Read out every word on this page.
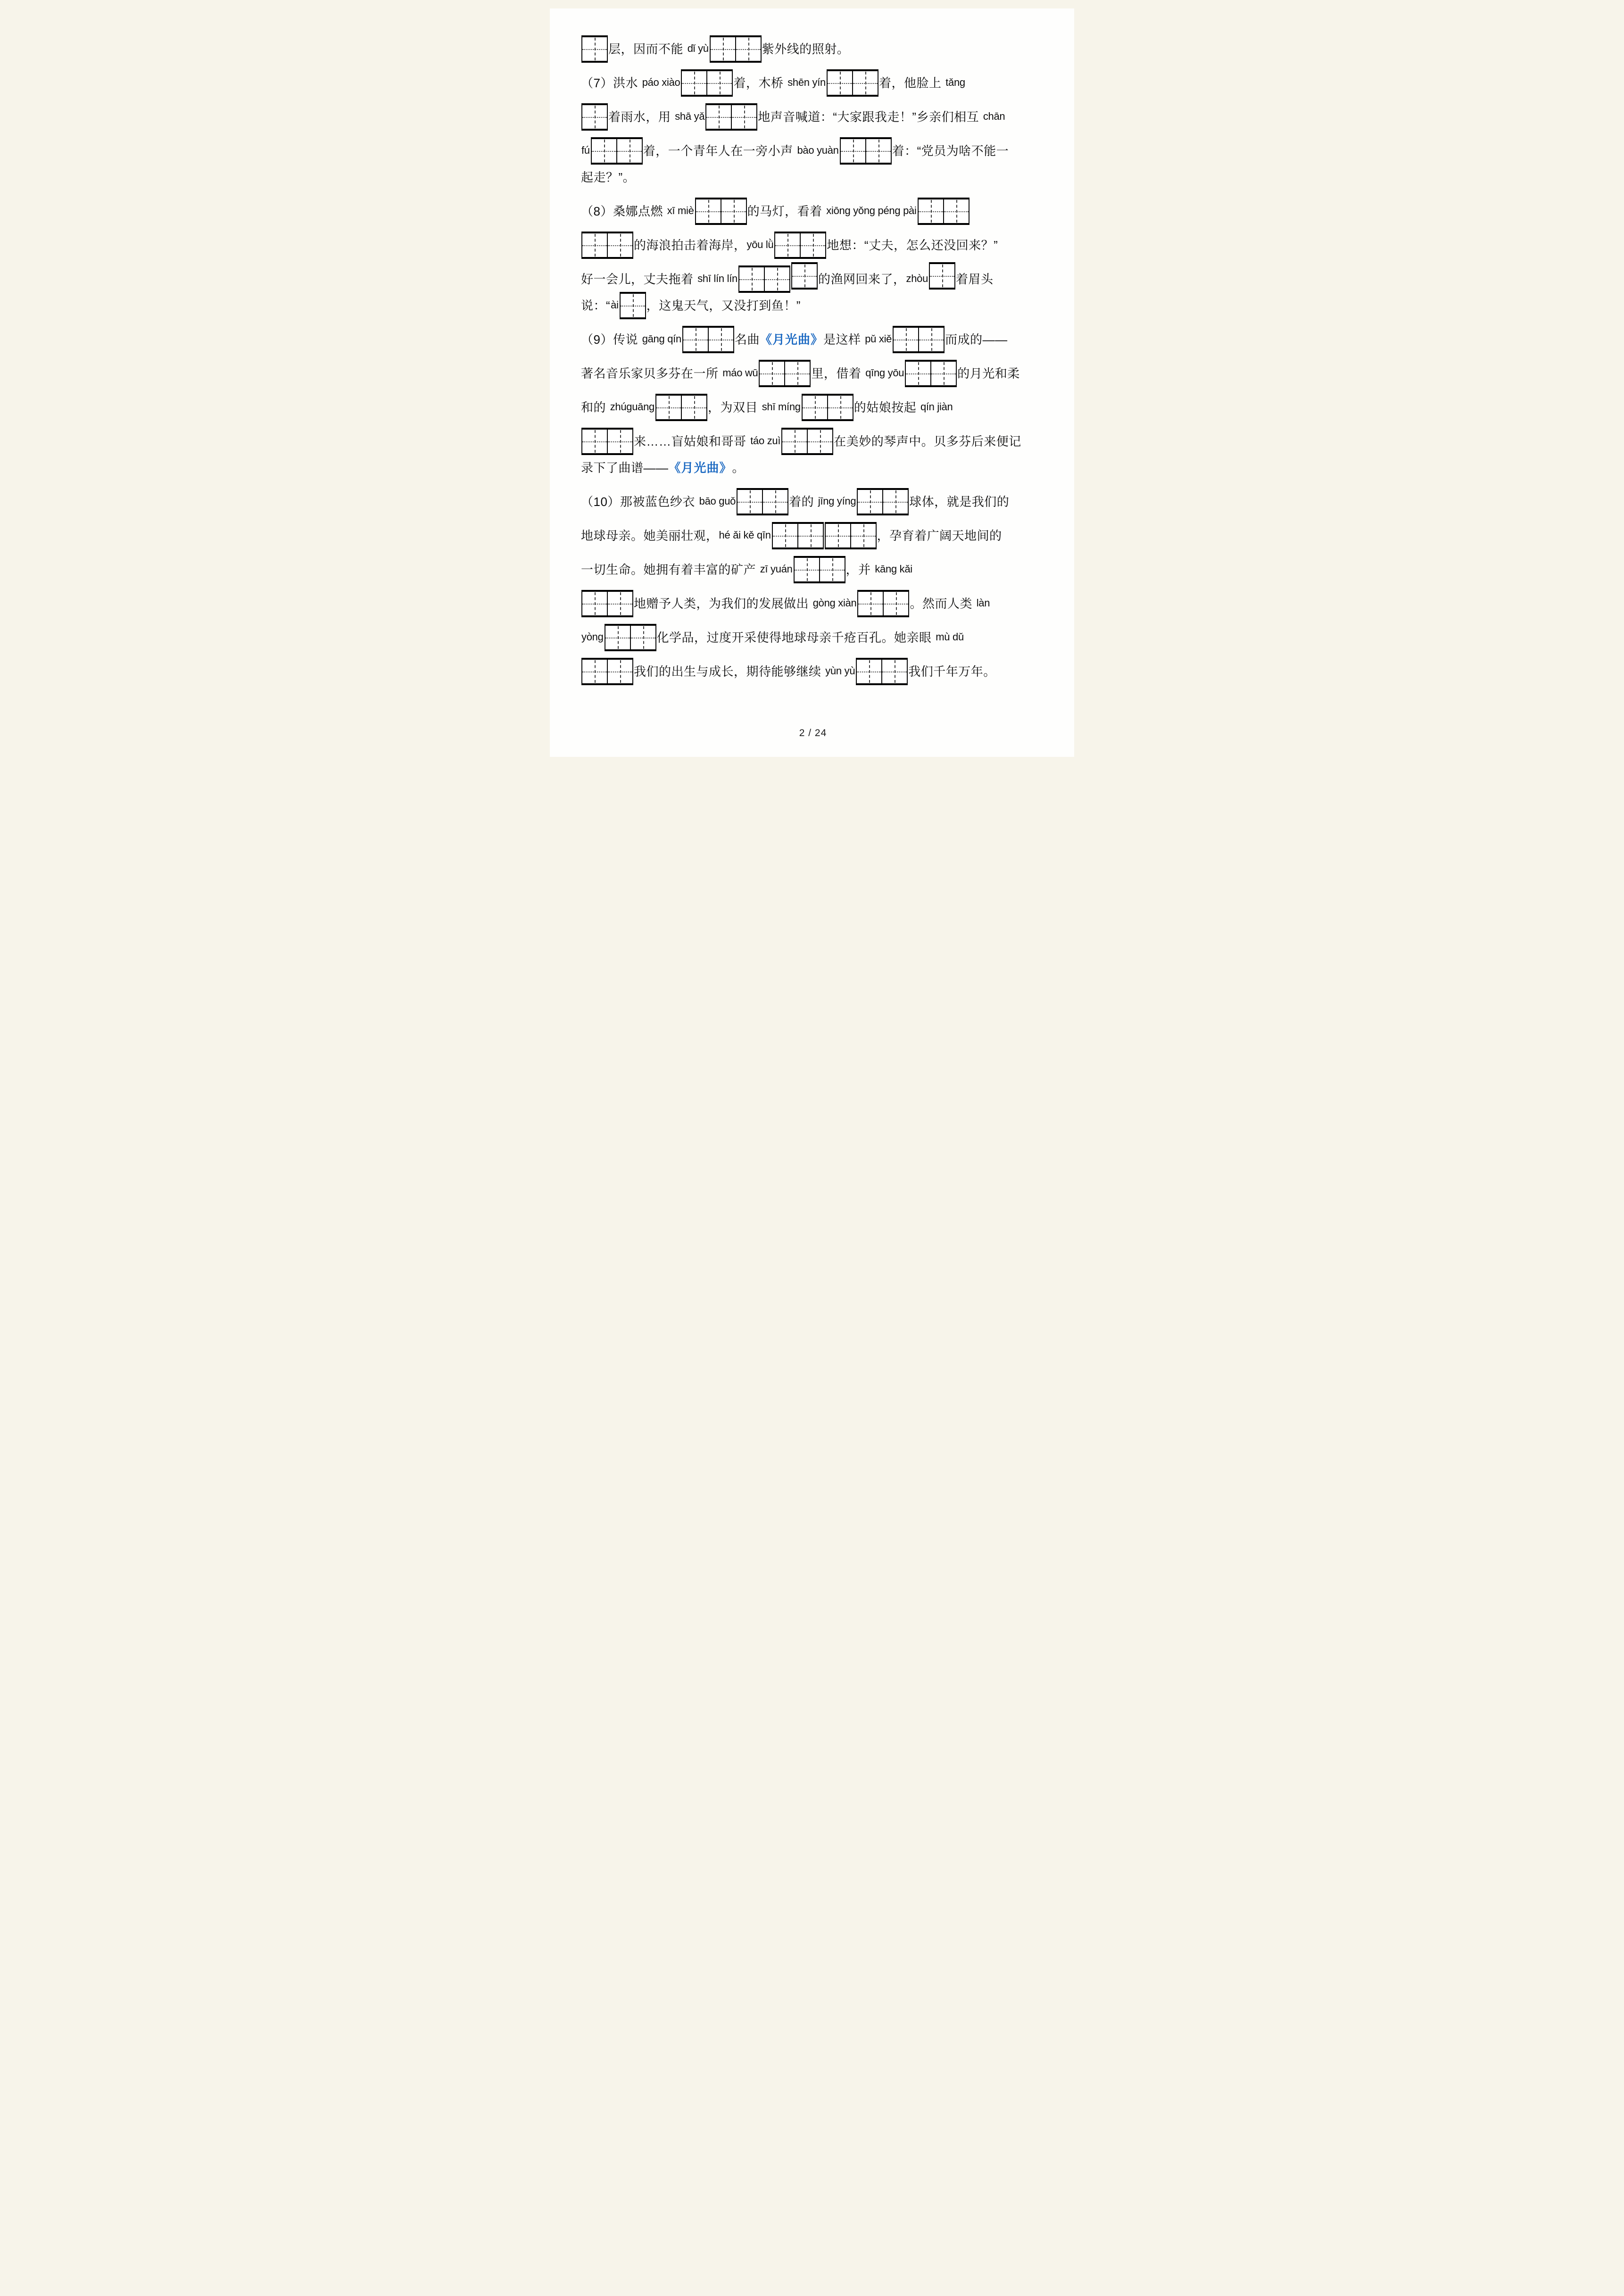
层，因而不能 dǐ yù	紫外线的照射。
（7）洪水 páo xiào	着，木桥 shēn yín	着，他脸上 tǎng
着雨水，用 shā yǎ	地声音喊道：“大家跟我走！”乡亲们相互 chān
fú	着，一个青年人在一旁小声 bào yuàn	着：“党员为啥不能一
起走？”。
（8）桑娜点燃 xī miè	的马灯，看着 xiōng yǒng péng pài
的海浪拍击着海岸， yōu lǜ	地想：“丈夫，怎么还没回来？”
好一会儿，丈夫拖着 shī lín lín	的渔网回来了， zhòu 着眉头
说：“ ài ，这鬼天气，又没打到鱼！”
（9）传说 gāng qín	名曲 《月光曲》 是这样 pǔ xiě	而成的——
著名音乐家贝多芬在一所 máo wū	里，借着 qīng yōu	的月光和柔
和的 zhúguāng	，为双目 shī míng	的姑娘按起 qín jiàn
来……盲姑娘和哥哥 táo zuì	在美妙的琴声中。贝多芬后来便记
录下了曲谱—— 《月光曲》 。
（10）那被蓝色纱衣 bāo guǒ	着的 jīng yíng	球体，就是我们的
地球母亲。她美丽壮观， hé ǎi kě qīn	，孕育着广阔天地间的
一切生命。她拥有着丰富的矿产 zī yuán	，并 kāng kǎi
地赠予人类，为我们的发展做出 gòng xiàn	。然而人类 làn
yòng	化学品，过度开采使得地球母亲千疮百孔。她亲眼 mù dǔ
我们的出生与成长，期待能够继续 yùn yù	我们千年万年。
2 / 24
